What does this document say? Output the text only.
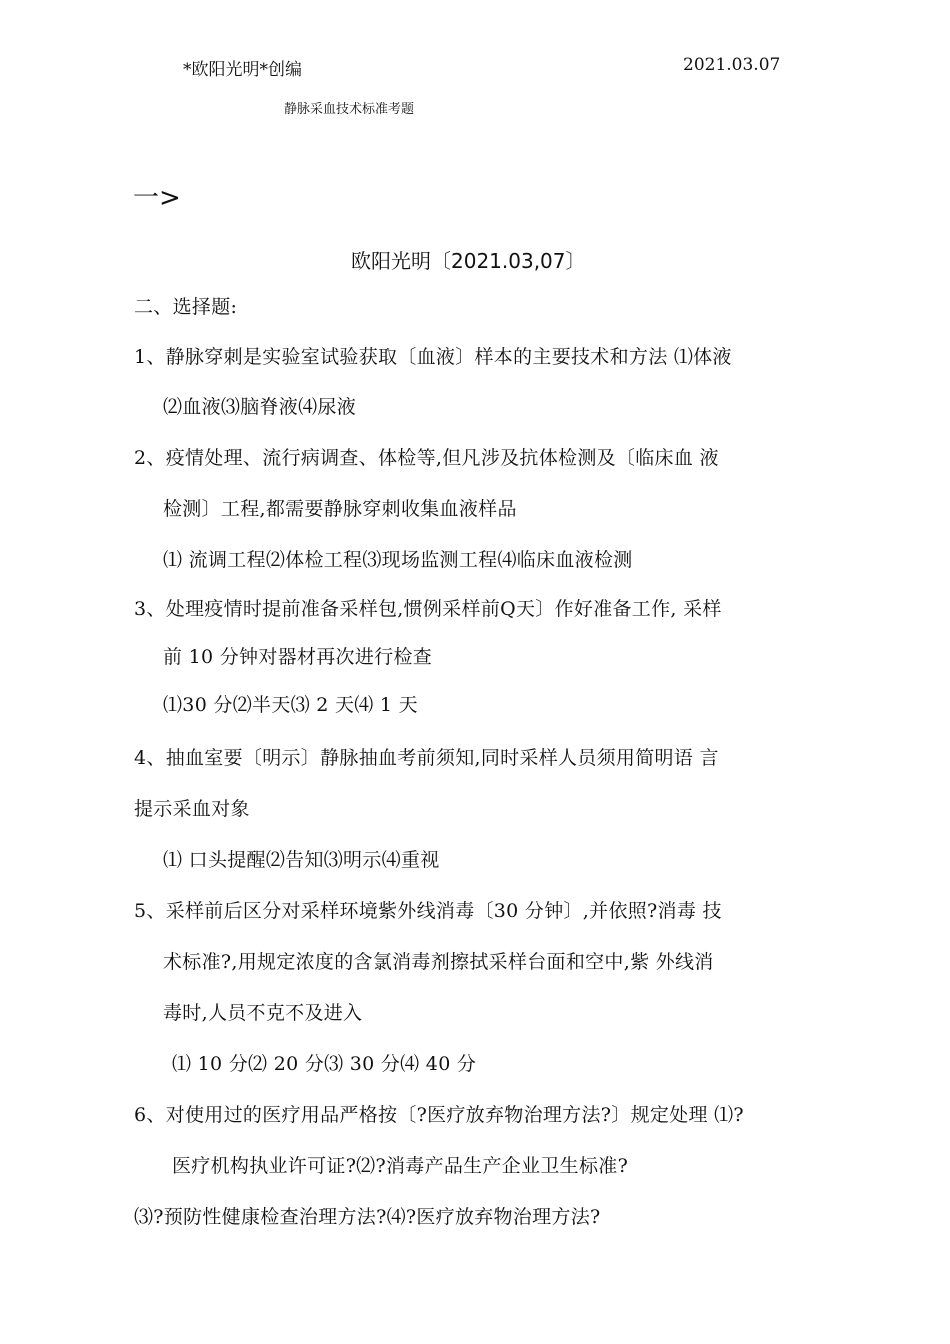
*欧阳光明*创编	2021.03.07
静脉采血技术标准考题
一>
欧阳光明〔2021.03,07〕
二、选择题:
1、静脉穿刺是实验室试验获取〔血液〕样本的主要技术和方法 ⑴体液
⑵血液⑶脑脊液⑷尿液
2、疫情处理、流行病调查、体检等,但凡涉及抗体检测及〔临床血 液
检测〕工程,都需要静脉穿刺收集血液样品
⑴ 流调工程⑵体检工程⑶现场监测工程⑷临床血液检测
3、处理疫情时提前准备采样包,惯例采样前Q天〕作好准备工作, 采样
前 10 分钟对器材再次进行检查
⑴30 分⑵半天⑶ 2 天⑷ 1 天
4、抽血室要〔明示〕静脉抽血考前须知,同时采样人员须用简明语 言
提示采血对象
⑴ 口头提醒⑵告知⑶明示⑷重视
5、采样前后区分对采样环境紫外线消毒〔30 分钟〕,并依照?消毒 技
术标准?,用规定浓度的含氯消毒剂擦拭采样台面和空中,紫 外线消
毒时,人员不克不及进入
⑴ 10 分⑵ 20 分⑶ 30 分⑷ 40 分
6、对使用过的医疗用品严格按〔?医疗放弃物治理方法?〕规定处理 ⑴?
医疗机构执业许可证?⑵?消毒产品生产企业卫生标准?
⑶?预防性健康检查治理方法?⑷?医疗放弃物治理方法?
